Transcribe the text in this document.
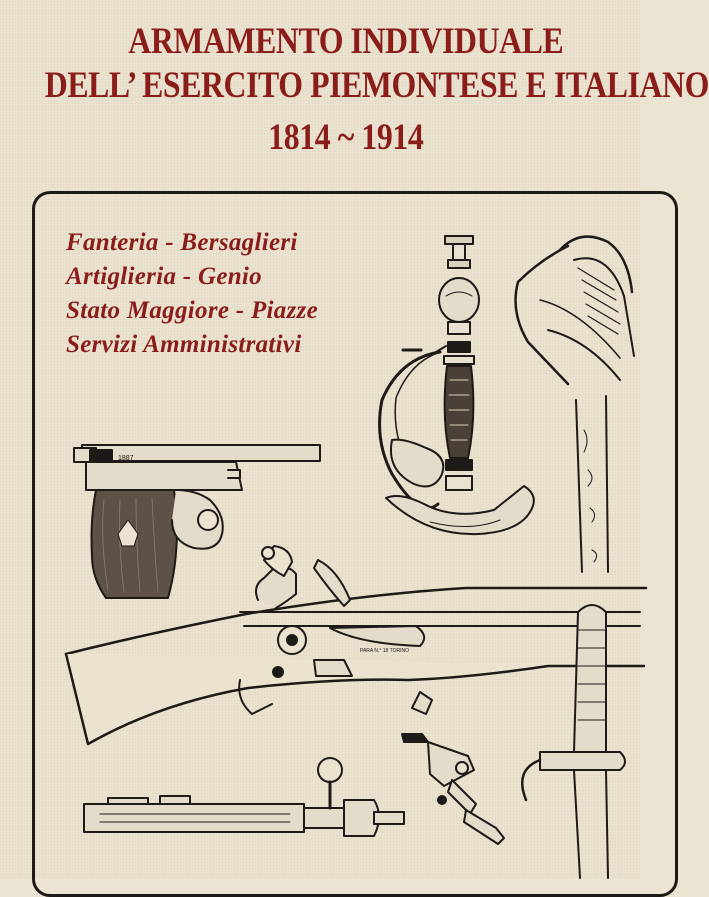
ARMAMENTO INDIVIDUALE
DELL’ ESERCITO PIEMONTESE E ITALIANO
1814 ~ 1914
Fanteria - Bersaglieri
Artiglieria - Genio
Stato Maggiore - Piazze
Servizi Amministrativi
1887
PARA N.° 18 TORINO
